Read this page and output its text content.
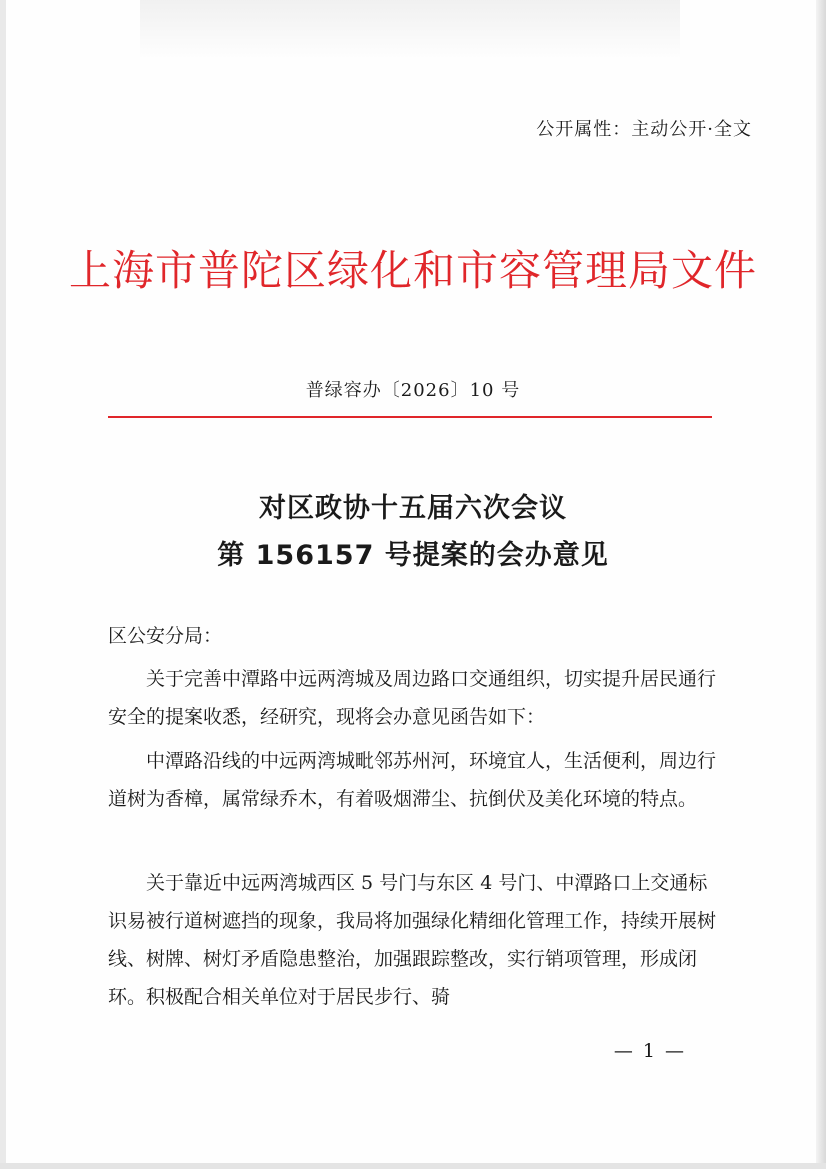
公开属性：主动公开·全文
上海市普陀区绿化和市容管理局文件
普绿容办〔2026〕10 号
对区政协十五届六次会议
第 156157 号提案的会办意见
区公安分局：
关于完善中潭路中远两湾城及周边路口交通组织，切实提升居民通行安全的提案收悉，经研究，现将会办意见函告如下：
中潭路沿线的中远两湾城毗邻苏州河，环境宜人，生活便利，周边行道树为香樟，属常绿乔木，有着吸烟滞尘、抗倒伏及美化环境的特点。
关于靠近中远两湾城西区 5 号门与东区 4 号门、中潭路口上交通标识易被行道树遮挡的现象，我局将加强绿化精细化管理工作，持续开展树线、树牌、树灯矛盾隐患整治，加强跟踪整改，实行销项管理，形成闭环。积极配合相关单位对于居民步行、骑
— 1 —
